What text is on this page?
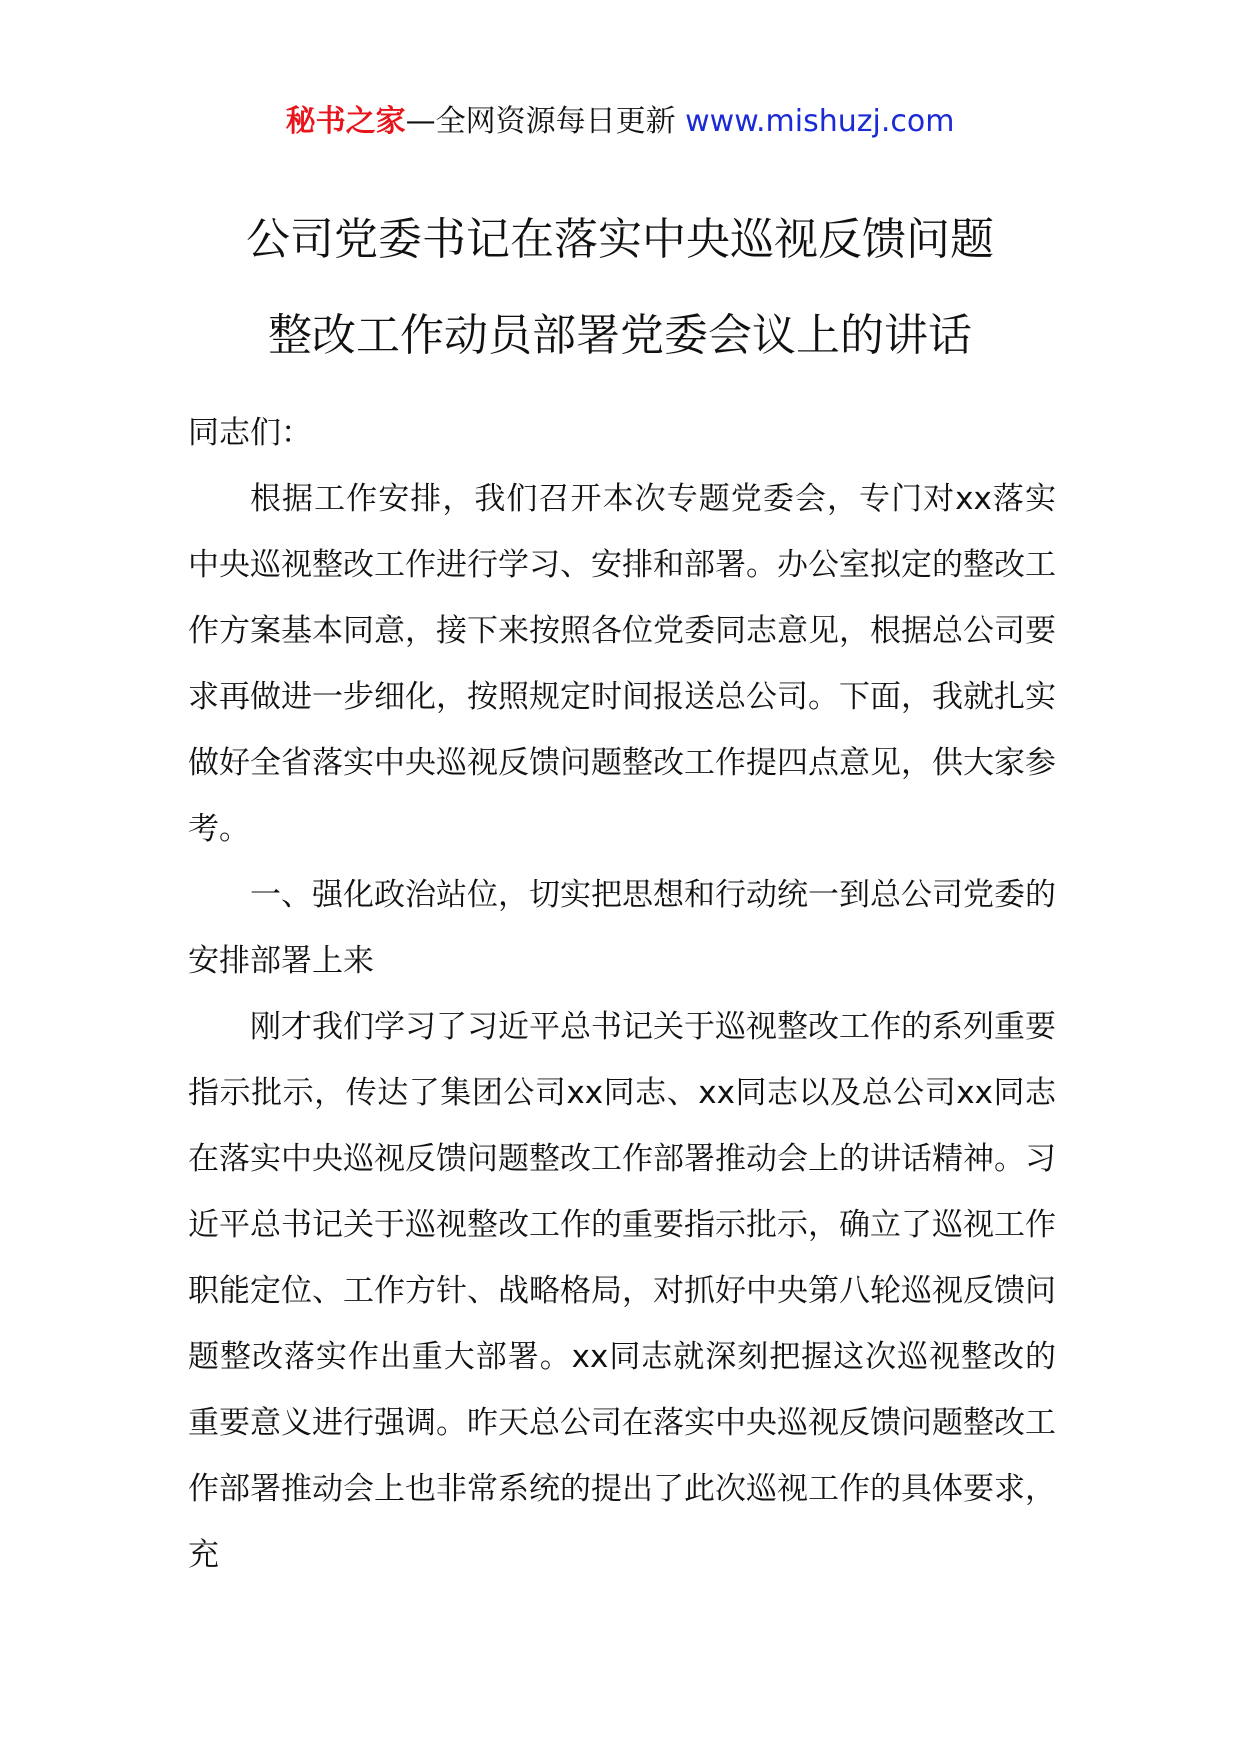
秘书之家—全网资源每日更新 www.mishuzj.com
公司党委书记在落实中央巡视反馈问题
整改工作动员部署党委会议上的讲话

同志们：

根据工作安排，我们召开本次专题党委会，专门对xx落实中央巡视整改工作进行学习、安排和部署。办公室拟定的整改工作方案基本同意，接下来按照各位党委同志意见，根据总公司要求再做进一步细化，按照规定时间报送总公司。下面，我就扎实做好全省落实中央巡视反馈问题整改工作提四点意见，供大家参考。

一、强化政治站位，切实把思想和行动统一到总公司党委的安排部署上来

刚才我们学习了习近平总书记关于巡视整改工作的系列重要指示批示，传达了集团公司xx同志、xx同志以及总公司xx同志在落实中央巡视反馈问题整改工作部署推动会上的讲话精神。习近平总书记关于巡视整改工作的重要指示批示，确立了巡视工作职能定位、工作方针、战略格局，对抓好中央第八轮巡视反馈问题整改落实作出重大部署。xx同志就深刻把握这次巡视整改的重要意义进行强调。昨天总公司在落实中央巡视反馈问题整改工作部署推动会上也非常系统的提出了此次巡视工作的具体要求，充
